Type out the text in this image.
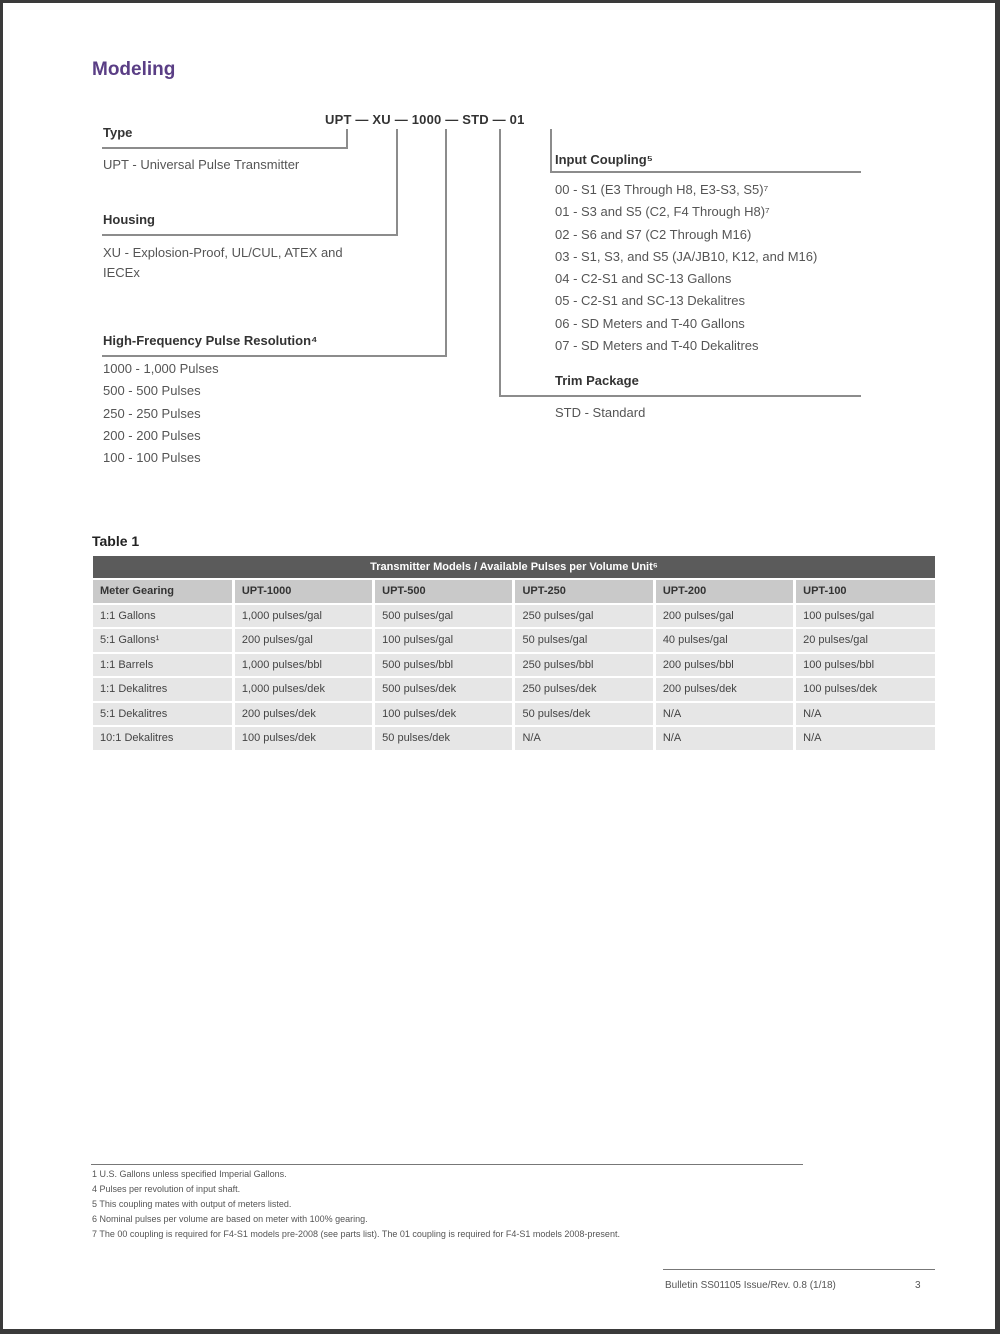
Modeling
UPT — XU — 1000 — STD — 01
Type
UPT - Universal Pulse Transmitter
Housing
XU - Explosion-Proof, UL/CUL, ATEX and
IECEx
High-Frequency Pulse Resolution⁴
1000 - 1,000 Pulses
500 - 500 Pulses
250 - 250 Pulses
200 - 200 Pulses
100 - 100 Pulses
Input Coupling⁵
00 - S1 (E3 Through H8, E3-S3, S5)⁷
01 - S3 and S5 (C2, F4 Through H8)⁷
02 - S6 and S7 (C2 Through M16)
03 - S1, S3, and S5 (JA/JB10, K12, and M16)
04 - C2-S1 and SC-13 Gallons
05 - C2-S1 and SC-13 Dekalitres
06 - SD Meters and T-40 Gallons
07 - SD Meters and T-40 Dekalitres
Trim Package
STD - Standard
Table 1
Transmitter Models / Available Pulses per Volume Unit⁶					
Meter Gearing	UPT-1000	UPT-500	UPT-250	UPT-200	UPT-100
1:1 Gallons	1,000 pulses/gal	500 pulses/gal	250 pulses/gal	200 pulses/gal	100 pulses/gal
5:1 Gallons¹	200 pulses/gal	100 pulses/gal	50 pulses/gal	40 pulses/gal	20 pulses/gal
1:1 Barrels	1,000 pulses/bbl	500 pulses/bbl	250 pulses/bbl	200 pulses/bbl	100 pulses/bbl
1:1 Dekalitres	1,000 pulses/dek	500 pulses/dek	250 pulses/dek	200 pulses/dek	100 pulses/dek
5:1 Dekalitres	200 pulses/dek	100 pulses/dek	50 pulses/dek	N/A	N/A
10:1 Dekalitres	100 pulses/dek	50 pulses/dek	N/A	N/A	N/A
1 U.S. Gallons unless specified Imperial Gallons.
4 Pulses per revolution of input shaft.
5 This coupling mates with output of meters listed.
6 Nominal pulses per volume are based on meter with 100% gearing.
7 The 00 coupling is required for F4-S1 models pre-2008 (see parts list). The 01 coupling is required for F4-S1 models 2008-present.
Bulletin SS01105 Issue/Rev. 0.8 (1/18)	3
